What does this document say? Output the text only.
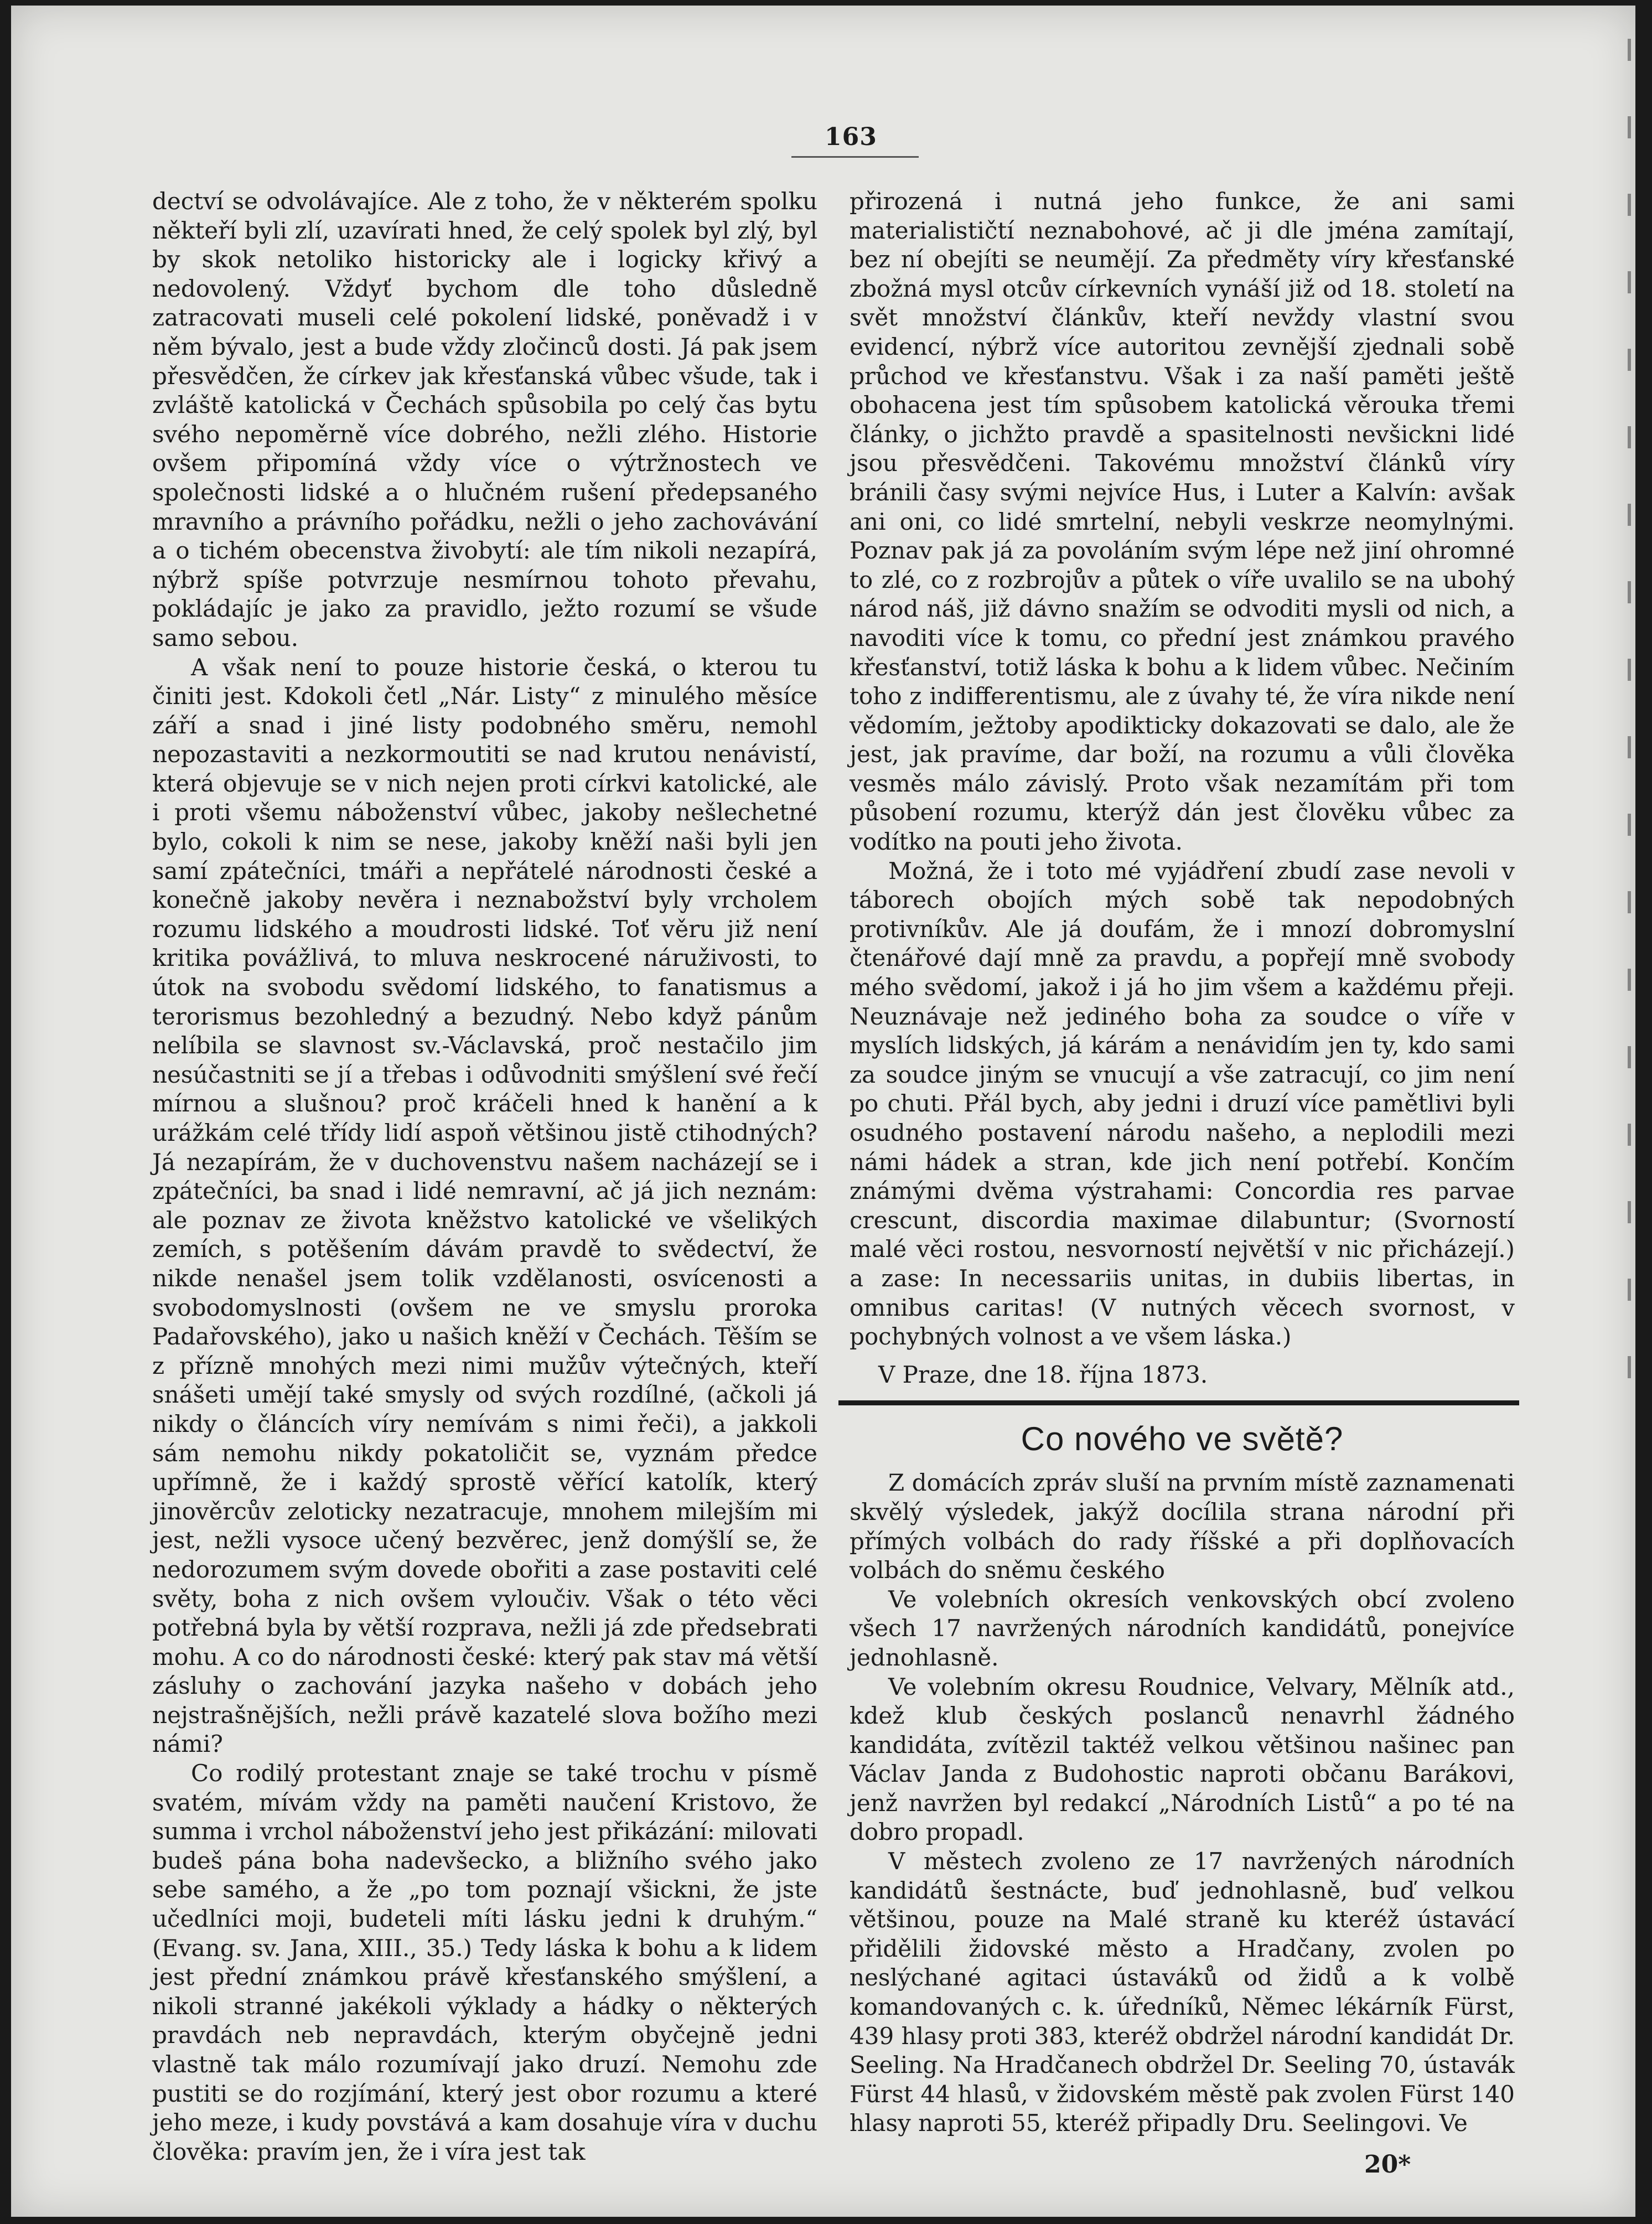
163

dectví se odvolávajíce. Ale z toho, že v některém spolku někteří byli zlí, uzavírati hned, že celý spolek byl zlý, byl by skok netoliko historicky ale i logicky křivý a nedovolený. Vždyť bychom dle toho důsledně zatracovati museli celé pokolení lidské, poněvadž i v něm bývalo, jest a bude vždy zločinců dosti. Já pak jsem přesvědčen, že církev jak křesťanská vůbec všude, tak i zvláště katolická v Čechách spůsobila po celý čas bytu svého nepoměrně více dobrého, nežli zlého. Historie ovšem připomíná vždy více o výtržnostech ve společnosti lidské a o hlučném rušení předepsaného mravního a právního pořádku, nežli o jeho zachovávání a o tichém obecenstva živobytí: ale tím nikoli nezapírá, nýbrž spíše potvrzuje nesmírnou tohoto převahu, pokládajíc je jako za pravidlo, ježto rozumí se všude samo sebou.

A však není to pouze historie česká, o kterou tu činiti jest. Kdokoli četl „Nár. Listy“ z minulého měsíce září a snad i jiné listy podobného směru, nemohl nepozastaviti a nezkormoutiti se nad krutou nenávistí, která objevuje se v nich nejen proti církvi katolické, ale i proti všemu náboženství vůbec, jakoby nešlechetné bylo, cokoli k nim se nese, jakoby kněží naši byli jen samí zpátečníci, tmáři a nepřátelé národnosti české a konečně jakoby nevěra i neznabožství byly vrcholem rozumu lidského a moudrosti lidské. Toť věru již není kritika povážlivá, to mluva neskrocené náruživosti, to útok na svobodu svědomí lidského, to fanatismus a terorismus bezohledný a bezudný. Nebo když pánům nelíbila se slavnost sv.-Václavská, proč nestačilo jim nesúčastniti se jí a třebas i odůvodniti smýšlení své řečí mírnou a slušnou? proč kráčeli hned k hanění a k urážkám celé třídy lidí aspoň většinou jistě ctihodných? Já nezapírám, že v duchovenstvu našem nacházejí se i zpátečníci, ba snad i lidé nemravní, ač já jich neznám: ale poznav ze života kněžstvo katolické ve všelikých zemích, s potěšením dávám pravdě to svědectví, že nikde nenašel jsem tolik vzdělanosti, osvícenosti a svobodomyslnosti (ovšem ne ve smyslu proroka Padařovského), jako u našich kněží v Čechách. Těším se z přízně mnohých mezi nimi mužův výtečných, kteří snášeti umějí také smysly od svých rozdílné, (ačkoli já nikdy o článcích víry nemívám s nimi řeči), a jakkoli sám nemohu nikdy pokatoličit se, vyznám předce upřímně, že i každý sprostě věřící katolík, který jinověrcův zeloticky nezatracuje, mnohem milejším mi jest, nežli vysoce učený bezvěrec, jenž domýšlí se, že nedorozumem svým dovede obořiti a zase postaviti celé světy, boha z nich ovšem vyloučiv. Však o této věci potřebná byla by větší rozprava, nežli já zde předsebrati mohu. A co do národnosti české: který pak stav má větší zásluhy o zachování jazyka našeho v dobách jeho nejstrašnějších, nežli právě kazatelé slova božího mezi námi?

Co rodilý protestant znaje se také trochu v písmě svatém, mívám vždy na paměti naučení Kristovo, že summa i vrchol náboženství jeho jest přikázání: milovati budeš pána boha nadevšecko, a bližního svého jako sebe samého, a že „po tom poznají všickni, že jste učedlníci moji, budeteli míti lásku jedni k druhým.“ (Evang. sv. Jana, XIII., 35.) Tedy láska k bohu a k lidem jest přední známkou právě křesťanského smýšlení, a nikoli stranné jakékoli výklady a hádky o některých pravdách neb nepravdách, kterým obyčejně jedni vlastně tak málo rozumívají jako druzí. Nemohu zde pustiti se do rozjímání, který jest obor rozumu a které jeho meze, i kudy povstává a kam dosahuje víra v duchu člověka: pravím jen, že i víra jest tak

přirozená i nutná jeho funkce, že ani sami materialističtí neznabohové, ač ji dle jména zamítají, bez ní obejíti se neumějí. Za předměty víry křesťanské zbožná mysl otcův církevních vynáší již od 18. století na svět množství článkův, kteří nevždy vlastní svou evidencí, nýbrž více autoritou zevnější zjednali sobě průchod ve křesťanstvu. Však i za naší paměti ještě obohacena jest tím spůsobem katolická věrouka třemi články, o jichžto pravdě a spasitelnosti nevšickni lidé jsou přesvědčeni. Takovému množství článků víry bránili časy svými nejvíce Hus, i Luter a Kalvín: avšak ani oni, co lidé smrtelní, nebyli veskrze neomylnými. Poznav pak já za povoláním svým lépe než jiní ohromné to zlé, co z rozbrojův a půtek o víře uvalilo se na ubohý národ náš, již dávno snažím se odvoditi mysli od nich, a navoditi více k tomu, co přední jest známkou pravého křesťanství, totiž láska k bohu a k lidem vůbec. Nečiním toho z indifferentismu, ale z úvahy té, že víra nikde není vědomím, ježtoby apodikticky dokazovati se dalo, ale že jest, jak pravíme, dar boží, na rozumu a vůli člověka vesměs málo závislý. Proto však nezamítám při tom působení rozumu, kterýž dán jest člověku vůbec za vodítko na pouti jeho života.

Možná, že i toto mé vyjádření zbudí zase nevoli v táborech obojích mých sobě tak nepodobných protivníkův. Ale já doufám, že i mnozí dobromyslní čtenářové dají mně za pravdu, a popřejí mně svobody mého svědomí, jakož i já ho jim všem a každému přeji. Neuznávaje než jediného boha za soudce o víře v myslích lidských, já kárám a nenávidím jen ty, kdo sami za soudce jiným se vnucují a vše zatracují, co jim není po chuti. Přál bych, aby jedni i druzí více pamětlivi byli osudného postavení národu našeho, a neplodili mezi námi hádek a stran, kde jich není potřebí. Končím známými dvěma výstrahami: Concordia res parvae crescunt, discordia maximae dilabuntur; (Svorností malé věci rostou, nesvorností největší v nic přicházejí.) a zase: In necessariis unitas, in dubiis libertas, in omnibus caritas! (V nutných věcech svornost, v pochybných volnost a ve všem láska.)

V Praze, dne 18. října 1873.

Co nového ve světě?

Z domácích zpráv sluší na prvním místě zaznamenati skvělý výsledek, jakýž docílila strana národní při přímých volbách do rady říšské a při doplňovacích volbách do sněmu českého

Ve volebních okresích venkovských obcí zvoleno všech 17 navržených národních kandidátů, ponejvíce jednohlasně.

Ve volebním okresu Roudnice, Velvary, Mělník atd., kdež klub českých poslanců nenavrhl žádného kandidáta, zvítězil taktéž velkou většinou našinec pan Václav Janda z Budohostic naproti občanu Barákovi, jenž navržen byl redakcí „Národních Listů“ a po té na dobro propadl.

V městech zvoleno ze 17 navržených národních kandidátů šestnácte, buď jednohlasně, buď velkou většinou, pouze na Malé straně ku kteréž ústavácí přidělili židovské město a Hradčany, zvolen po neslýchané agitaci ústaváků od židů a k volbě komandovaných c. k. úředníků, Němec lékárník Fürst, 439 hlasy proti 383, kteréž obdržel národní kandidát Dr. Seeling. Na Hradčanech obdržel Dr. Seeling 70, ústavák Fürst 44 hlasů, v židovském městě pak zvolen Fürst 140 hlasy naproti 55, kteréž připadly Dru. Seelingovi. Ve

20*
